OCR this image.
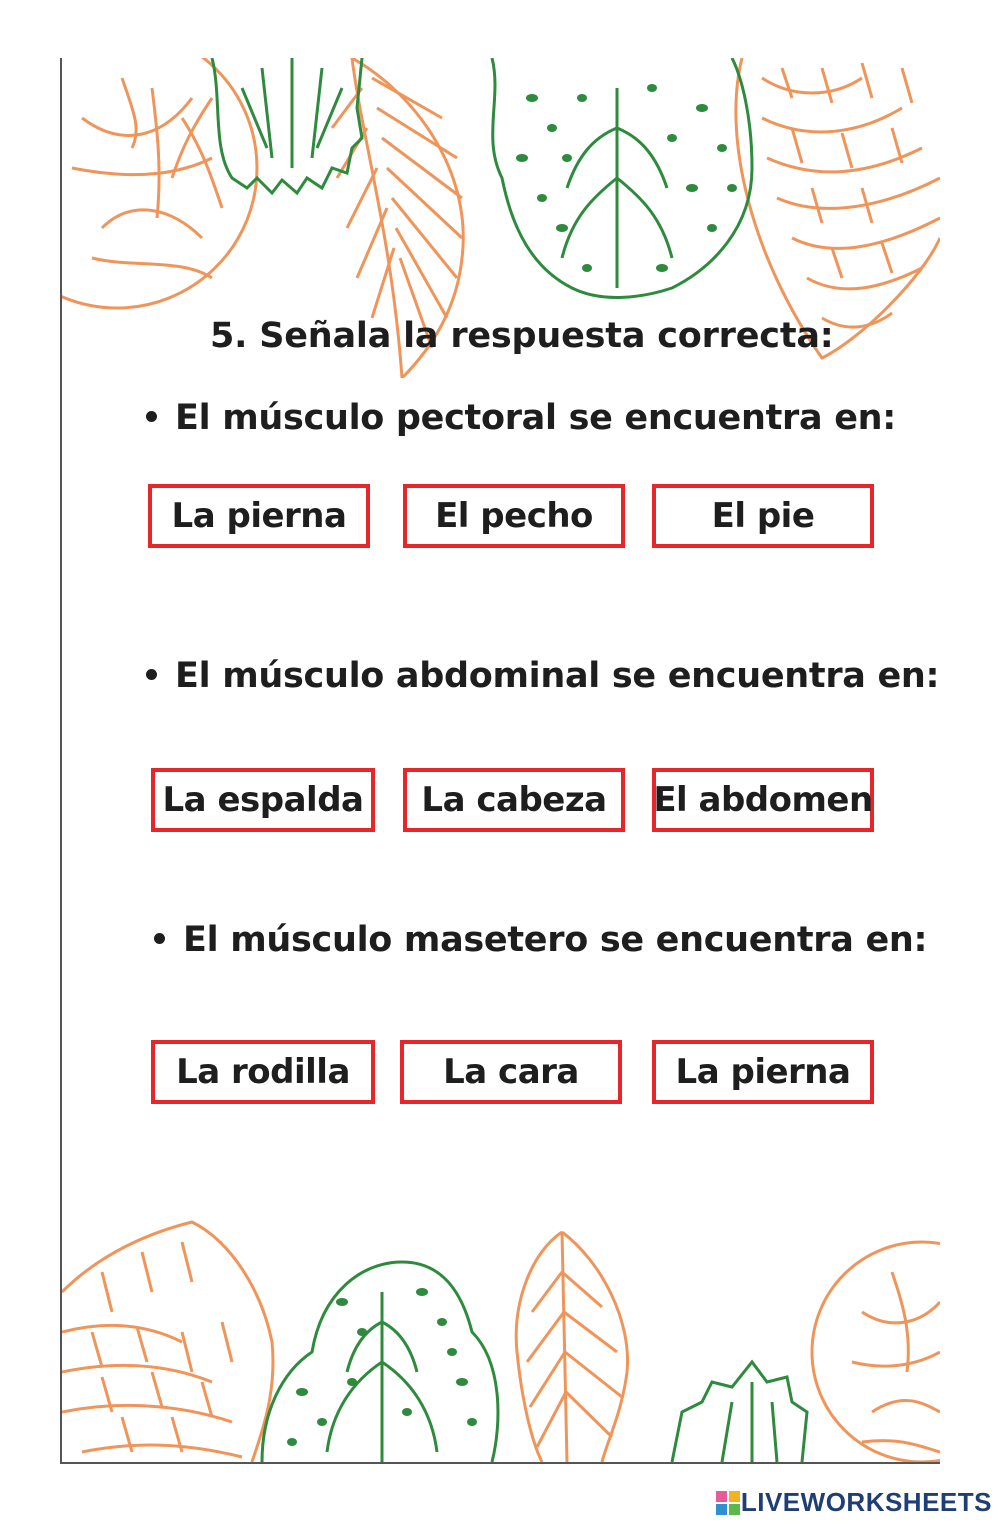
5. Señala la respuesta correcta:
El músculo pectoral se encuentra en:
La pierna	El pecho	El pie
El músculo abdominal se encuentra en:
La espalda	La cabeza	El abdomen
El músculo masetero se encuentra en:
La rodilla	La cara	La pierna
LIVEWORKSHEETS
